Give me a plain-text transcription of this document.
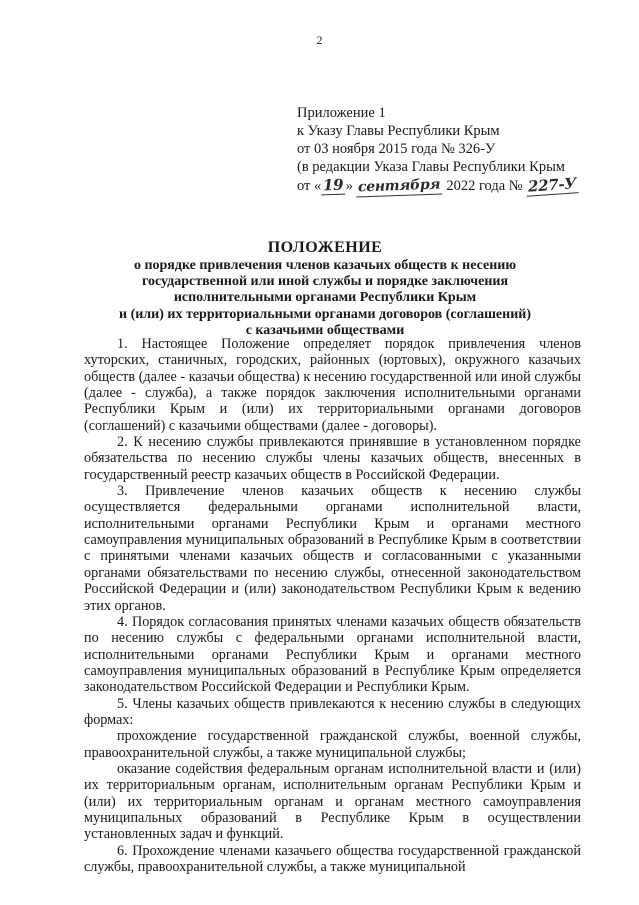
2
Приложение 1
к Указу Главы Республики Крым
от 03 ноября 2015 года № 326-У
(в редакции Указа Главы Республики Крым
от « 19 » сентября 2022 года № 227-У
ПОЛОЖЕНИЕ
о порядке привлечения членов казачьих обществ к несению
государственной или иной службы и порядке заключения
исполнительными органами Республики Крым
и (или) их территориальными органами договоров (соглашений)
с казачьими обществами

1. Настоящее Положение определяет порядок привлечения членов хуторских, станичных, городских, районных (юртовых), окружного казачьих обществ (далее - казачьи общества) к несению государственной или иной службы (далее - служба), а также порядок заключения исполнительными органами Республики Крым и (или) их территориальными органами договоров (соглашений) с казачьими обществами (далее - договоры).

2. К несению службы привлекаются принявшие в установленном порядке обязательства по несению службы члены казачьих обществ, внесенных в государственный реестр казачьих обществ в Российской Федерации.

3. Привлечение членов казачьих обществ к несению службы осуществляется федеральными органами исполнительной власти, исполнительными органами Республики Крым и органами местного самоуправления муниципальных образований в Республике Крым в соответствии с принятыми членами казачьих обществ и согласованными с указанными органами обязательствами по несению службы, отнесенной законодательством Российской Федерации и (или) законодательством Республики Крым к ведению этих органов.

4. Порядок согласования принятых членами казачьих обществ обязательств по несению службы с федеральными органами исполнительной власти, исполнительными органами Республики Крым и органами местного самоуправления муниципальных образований в Республике Крым определяется законодательством Российской Федерации и Республики Крым.

5. Члены казачьих обществ привлекаются к несению службы в следующих формах:

прохождение государственной гражданской службы, военной службы, правоохранительной службы, а также муниципальной службы;

оказание содействия федеральным органам исполнительной власти и (или) их территориальным органам, исполнительным органам Республики Крым и (или) их территориальным органам и органам местного самоуправления муниципальных образований в Республике Крым в осуществлении установленных задач и функций.

6. Прохождение членами казачьего общества государственной гражданской службы, правоохранительной службы, а также муниципальной
